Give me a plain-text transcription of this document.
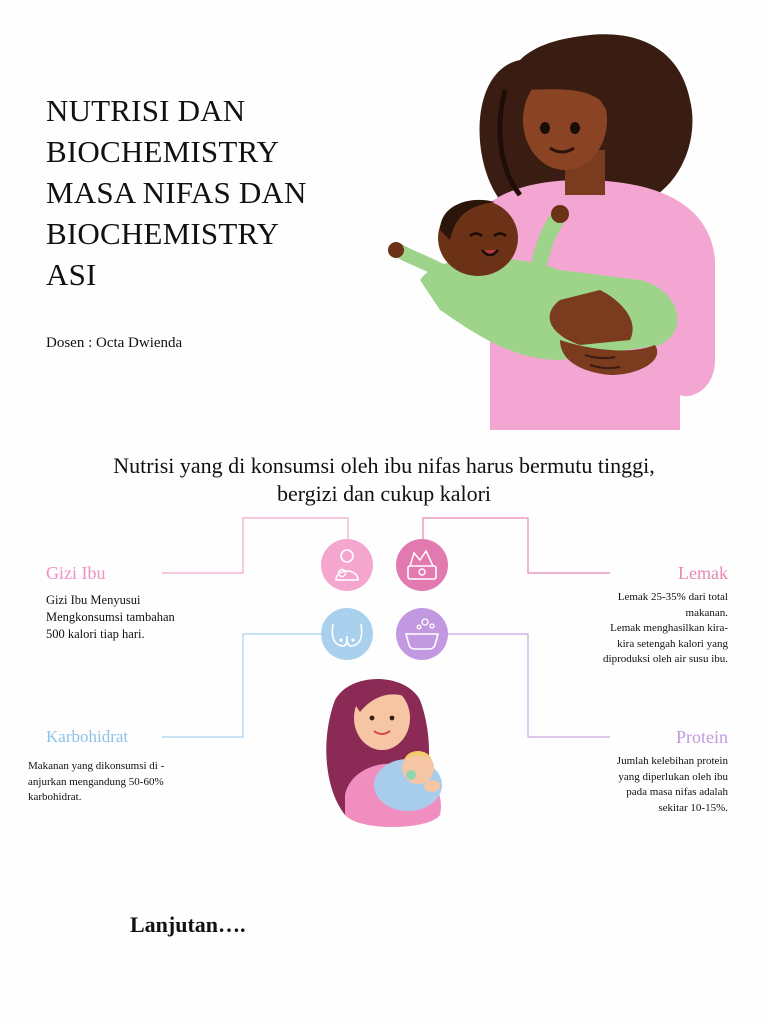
NUTRISI DAN
BIOCHEMISTRY
MASA NIFAS DAN
BIOCHEMISTRY
ASI
Dosen : Octa Dwienda
Nutrisi yang di konsumsi oleh ibu nifas harus bermutu tinggi,
bergizi dan cukup kalori
Gizi Ibu
Gizi Ibu Menyusui
Mengkonsumsi tambahan
500 kalori tiap hari.
Lemak
Lemak 25-35% dari total
makanan.
Lemak menghasilkan kira-
kira setengah kalori yang
diproduksi oleh air susu ibu.
Karbohidrat
Makanan yang dikonsumsi di -
anjurkan mengandung 50-60%
karbohidrat.
Protein
Jumlah kelebihan protein
yang diperlukan oleh ibu
pada masa nifas adalah
sekitar 10-15%.
Lanjutan….
